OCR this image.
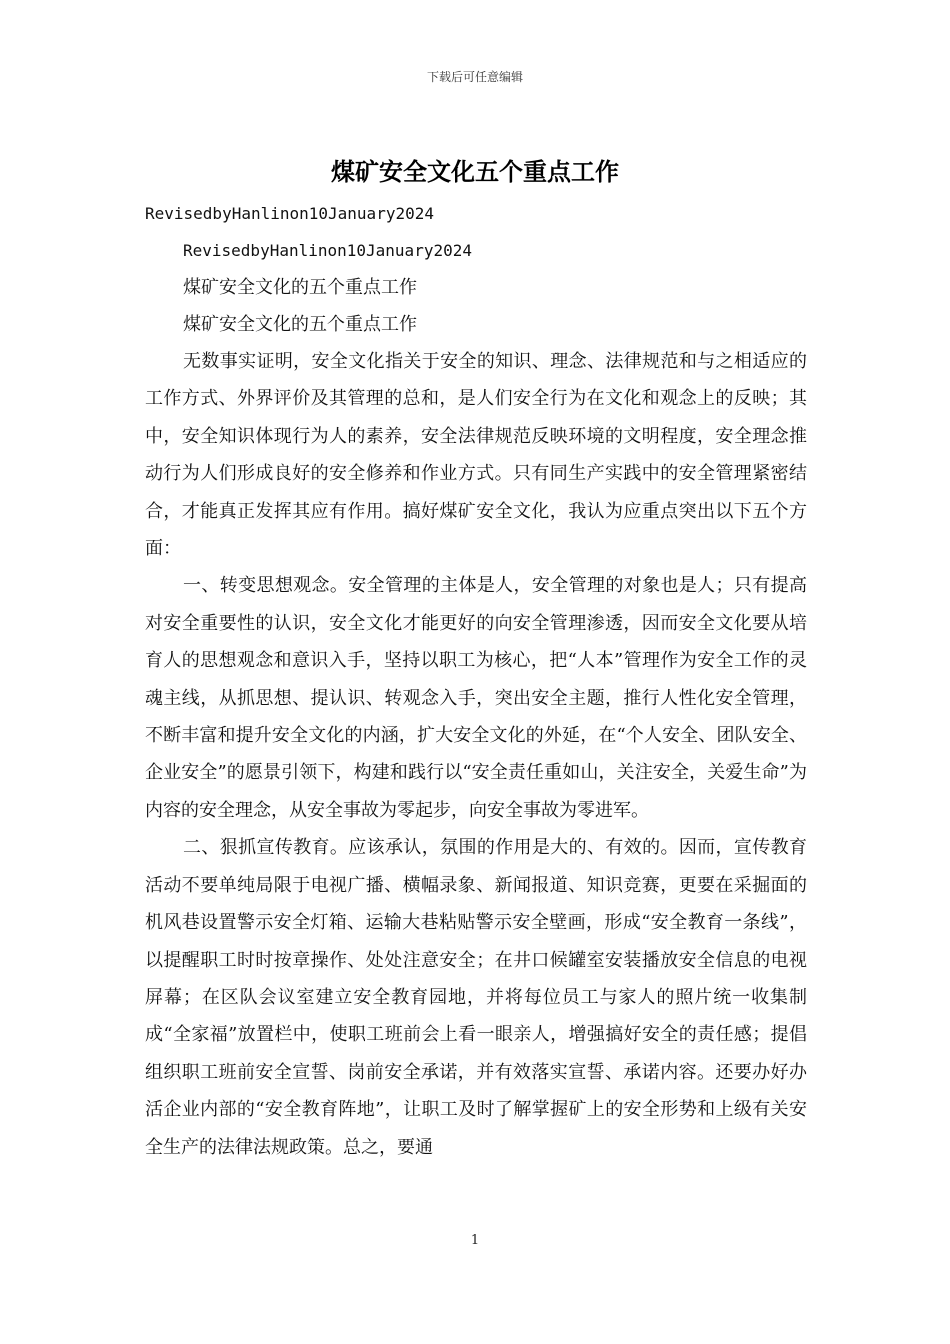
下载后可任意编辑
煤矿安全文化五个重点工作
RevisedbyHanlinon10January2024
RevisedbyHanlinon10January2024
煤矿安全文化的五个重点工作
煤矿安全文化的五个重点工作

无数事实证明，安全文化指关于安全的知识、理念、法律规范和与之相适应的工作方式、外界评价及其管理的总和，是人们安全行为在文化和观念上的反映；其中，安全知识体现行为人的素养，安全法律规范反映环境的文明程度，安全理念推动行为人们形成良好的安全修养和作业方式。只有同生产实践中的安全管理紧密结合，才能真正发挥其应有作用。搞好煤矿安全文化，我认为应重点突出以下五个方面：

一、转变思想观念。安全管理的主体是人，安全管理的对象也是人；只有提高对安全重要性的认识，安全文化才能更好的向安全管理渗透，因而安全文化要从培育人的思想观念和意识入手，坚持以职工为核心，把“人本”管理作为安全工作的灵魂主线，从抓思想、提认识、转观念入手，突出安全主题，推行人性化安全管理，不断丰富和提升安全文化的内涵，扩大安全文化的外延，在“个人安全、团队安全、企业安全”的愿景引领下，构建和践行以“安全责任重如山，关注安全，关爱生命”为内容的安全理念，从安全事故为零起步，向安全事故为零进军。

二、狠抓宣传教育。应该承认，氛围的作用是大的、有效的。因而，宣传教育活动不要单纯局限于电视广播、横幅录象、新闻报道、知识竞赛，更要在采掘面的机风巷设置警示安全灯箱、运输大巷粘贴警示安全壁画，形成“安全教育一条线”，以提醒职工时时按章操作、处处注意安全；在井口候罐室安装播放安全信息的电视屏幕；在区队会议室建立安全教育园地，并将每位员工与家人的照片统一收集制成“全家福”放置栏中，使职工班前会上看一眼亲人，增强搞好安全的责任感；提倡组织职工班前安全宣誓、岗前安全承诺，并有效落实宣誓、承诺内容。还要办好办活企业内部的“安全教育阵地”，让职工及时了解掌握矿上的安全形势和上级有关安全生产的法律法规政策。总之，要通

1
